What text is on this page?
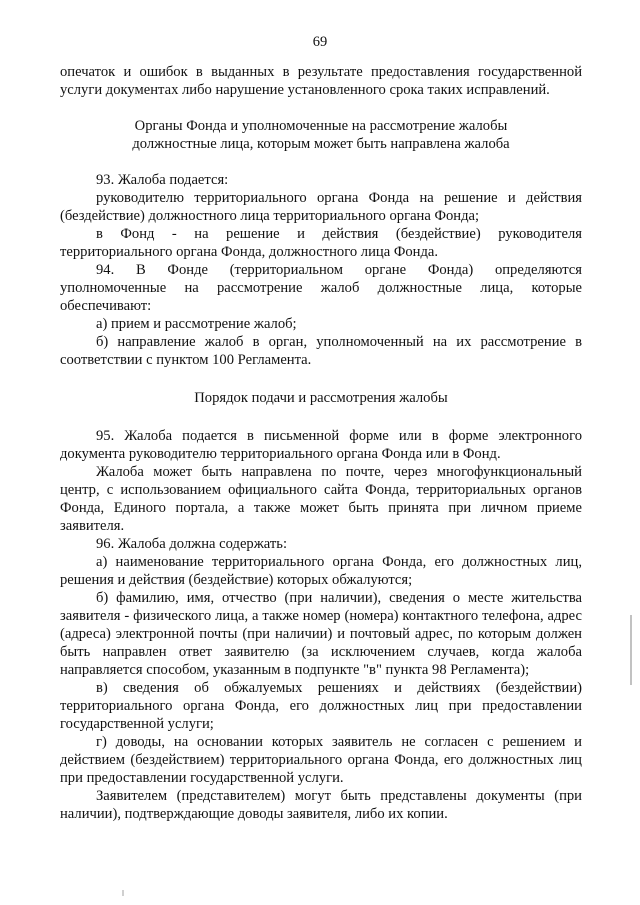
69

опечаток и ошибок в выданных в результате предоставления государственной

услуги документах либо нарушение установленного срока таких исправлений.

Органы Фонда и уполномоченные на рассмотрение жалобы

должностные лица, которым может быть направлена жалоба

93. Жалоба подается:

руководителю территориального органа Фонда на решение и действия (бездействие) должностного лица территориального органа Фонда;

в Фонд - на решение и действия (бездействие) руководителя территориального органа Фонда, должностного лица Фонда.

94. В Фонде (территориальном органе Фонда) определяются уполномоченные на рассмотрение жалоб должностные лица, которые обеспечивают:

а) прием и рассмотрение жалоб;

б) направление жалоб в орган, уполномоченный на их рассмотрение в соответствии с пунктом 100 Регламента.

Порядок подачи и рассмотрения жалобы

95. Жалоба подается в письменной форме или в форме электронного документа руководителю территориального органа Фонда или в Фонд.

Жалоба может быть направлена по почте, через многофункциональный центр, с использованием официального сайта Фонда, территориальных органов Фонда, Единого портала, а также может быть принята при личном приеме заявителя.

96. Жалоба должна содержать:

а) наименование территориального органа Фонда, его должностных лиц, решения и действия (бездействие) которых обжалуются;

б) фамилию, имя, отчество (при наличии), сведения о месте жительства заявителя - физического лица, а также номер (номера) контактного телефона, адрес (адреса) электронной почты (при наличии) и почтовый адрес, по которым должен быть направлен ответ заявителю (за исключением случаев, когда жалоба направляется способом, указанным в подпункте "в" пункта 98 Регламента);

в) сведения об обжалуемых решениях и действиях (бездействии) территориального органа Фонда, его должностных лиц при предоставлении государственной услуги;

г) доводы, на основании которых заявитель не согласен с решением и действием (бездействием) территориального органа Фонда, его должностных лиц при предоставлении государственной услуги.

Заявителем (представителем) могут быть представлены документы (при наличии), подтверждающие доводы заявителя, либо их копии.
